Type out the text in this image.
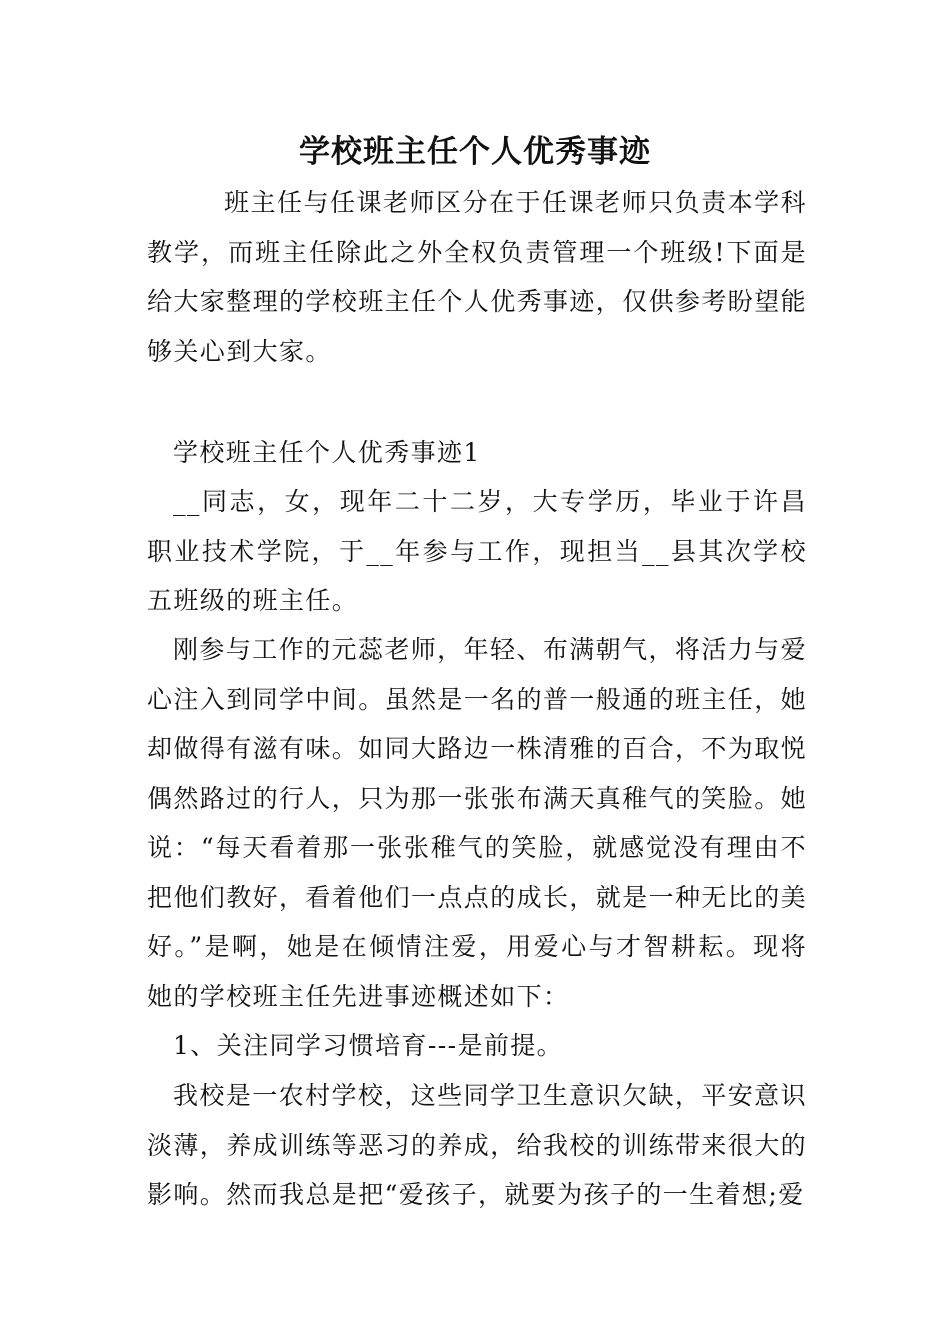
学校班主任个人优秀事迹
班主任与任课老师区分在于任课老师只负责本学科教学，而班主任除此之外全权负责管理一个班级!下面是给大家整理的学校班主任个人优秀事迹，仅供参考盼望能够关心到大家。
学校班主任个人优秀事迹1
__同志，女，现年二十二岁，大专学历，毕业于许昌职业技术学院，于__年参与工作，现担当__县其次学校五班级的班主任。
刚参与工作的元蕊老师，年轻、布满朝气，将活力与爱心注入到同学中间。虽然是一名的普一般通的班主任，她却做得有滋有味。如同大路边一株清雅的百合，不为取悦偶然路过的行人，只为那一张张布满天真稚气的笑脸。她说：“每天看着那一张张稚气的笑脸，就感觉没有理由不把他们教好，看着他们一点点的成长，就是一种无比的美好。”是啊，她是在倾情注爱，用爱心与才智耕耘。现将她的学校班主任先进事迹概述如下：
1、关注同学习惯培育---是前提。
我校是一农村学校，这些同学卫生意识欠缺，平安意识淡薄，养成训练等恶习的养成，给我校的训练带来很大的影响。然而我总是把“爱孩子，就要为孩子的一生着想;爱
